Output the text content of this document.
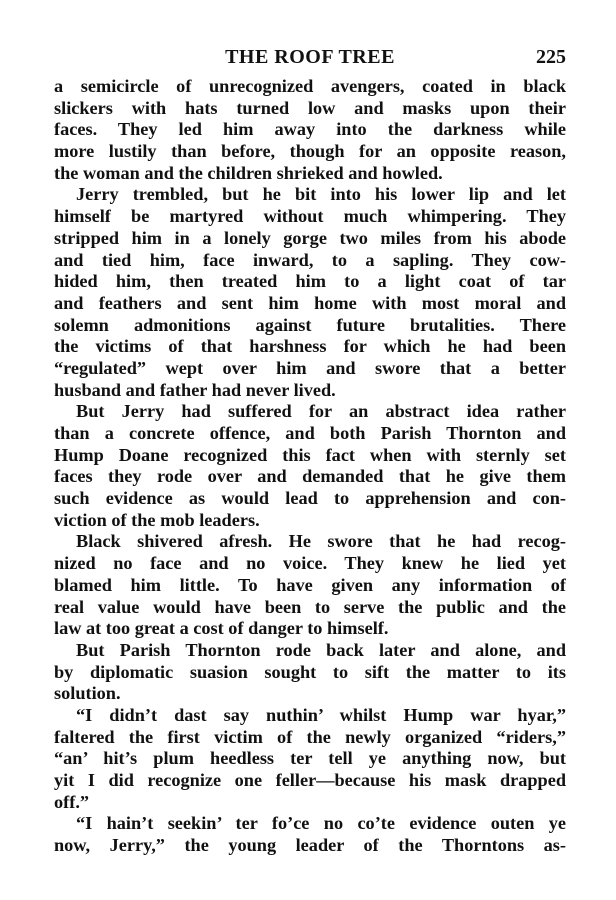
THE ROOF TREE	225
a semicircle of unrecognized avengers, coated in black
slickers with hats turned low and masks upon their
faces. They led him away into the darkness while
more lustily than before, though for an opposite reason,
the woman and the children shrieked and howled.
Jerry trembled, but he bit into his lower lip and let
himself be martyred without much whimpering. They
stripped him in a lonely gorge two miles from his abode
and tied him, face inward, to a sapling. They cow-
hided him, then treated him to a light coat of tar
and feathers and sent him home with most moral and
solemn admonitions against future brutalities. There
the victims of that harshness for which he had been
“regulated” wept over him and swore that a better
husband and father had never lived.
But Jerry had suffered for an abstract idea rather
than a concrete offence, and both Parish Thornton and
Hump Doane recognized this fact when with sternly set
faces they rode over and demanded that he give them
such evidence as would lead to apprehension and con-
viction of the mob leaders.
Black shivered afresh. He swore that he had recog-
nized no face and no voice. They knew he lied yet
blamed him little. To have given any information of
real value would have been to serve the public and the
law at too great a cost of danger to himself.
But Parish Thornton rode back later and alone, and
by diplomatic suasion sought to sift the matter to its
solution.
“I didn’t dast say nuthin’ whilst Hump war hyar,”
faltered the first victim of the newly organized “riders,”
“an’ hit’s plum heedless ter tell ye anything now, but
yit I did recognize one feller—because his mask drapped
off.”
“I hain’t seekin’ ter fo’ce no co’te evidence outen ye
now, Jerry,” the young leader of the Thorntons as-
